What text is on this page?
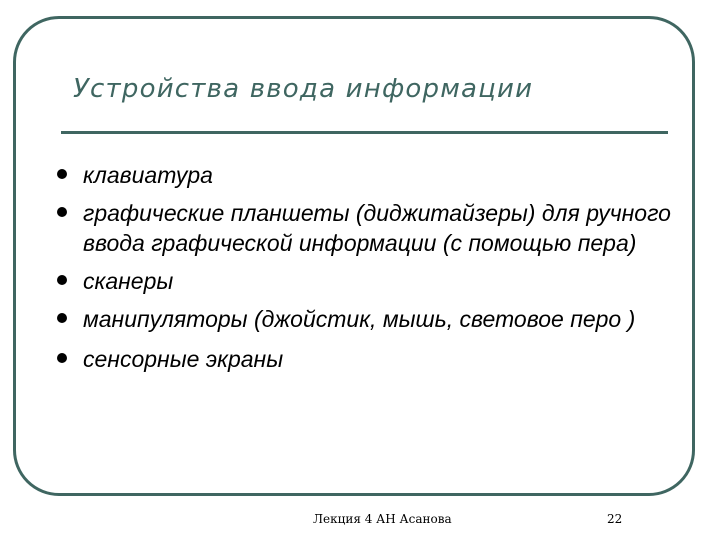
Устройства ввода информации
клавиатура
графические планшеты (диджитайзеры) для ручного ввода графической информации (с помощью пера)
сканеры
манипуляторы (джойстик, мышь, световое перо )
сенсорные экраны
Лекция 4 АН Асанова	22
